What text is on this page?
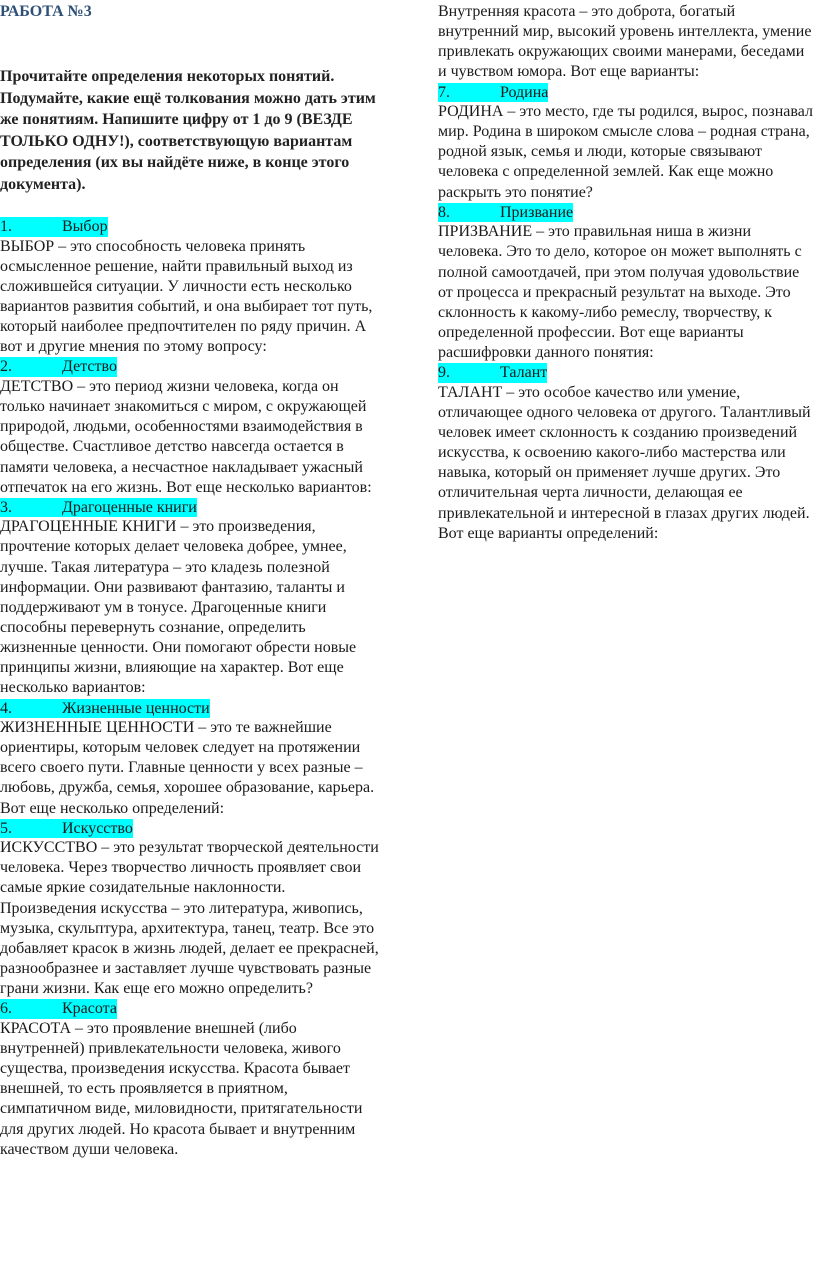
РАБОТА №3

Прочитайте определения некоторых понятий. Подумайте, какие ещё толкования можно дать этим же понятиям. Напишите цифру от 1 до 9 (ВЕЗДЕ ТОЛЬКО ОДНУ!), соответствующую вариантам определения (их вы найдёте ниже, в конце этого документа).

1.	Выбор

ВЫБОР – это способность человека принять осмысленное решение, найти правильный выход из сложившейся ситуации. У личности есть несколько вариантов развития событий, и она выбирает тот путь, который наиболее предпочтителен по ряду причин. А вот и другие мнения по этому вопросу:

2.	Детство

ДЕТСТВО – это период жизни человека, когда он только начинает знакомиться с миром, с окружающей природой, людьми, особенностями взаимодействия в обществе. Счастливое детство навсегда остается в памяти человека, а несчастное накладывает ужасный отпечаток на его жизнь. Вот еще несколько вариантов:

3.	Драгоценные книги

ДРАГОЦЕННЫЕ КНИГИ – это произведения, прочтение которых делает человека добрее, умнее, лучше. Такая литература – это кладезь полезной информации. Они развивают фантазию, таланты и поддерживают ум в тонусе. Драгоценные книги способны перевернуть сознание, определить жизненные ценности. Они помогают обрести новые принципы жизни, влияющие на характер. Вот еще несколько вариантов:

4.	Жизненные ценности

ЖИЗНЕННЫЕ ЦЕННОСТИ – это те важнейшие ориентиры, которым человек следует на протяжении всего своего пути. Главные ценности у всех разные – любовь, дружба, семья, хорошее образование, карьера. Вот еще несколько определений:

5.	Искусство

ИСКУССТВО – это результат творческой деятельности человека. Через творчество личность проявляет свои самые яркие созидательные наклонности. Произведения искусства – это литература, живопись, музыка, скульптура, архитектура, танец, театр. Все это добавляет красок в жизнь людей, делает ее прекрасней, разнообразнее и заставляет лучше чувствовать разные грани жизни. Как еще его можно определить?

6.	Красота

КРАСОТА – это проявление внешней (либо внутренней) привлекательности человека, живого существа, произведения искусства. Красота бывает внешней, то есть проявляется в приятном, симпатичном виде, миловидности, притягательности для других людей. Но красота бывает и внутренним качеством души человека.

Внутренняя красота – это доброта, богатый внутренний мир, высокий уровень интеллекта, умение привлекать окружающих своими манерами, беседами и чувством юмора. Вот еще варианты:

7.	Родина

РОДИНА – это место, где ты родился, вырос, познавал мир. Родина в широком смысле слова – родная страна, родной язык, семья и люди, которые связывают человека с определенной землей. Как еще можно раскрыть это понятие?

8.	Призвание

ПРИЗВАНИЕ – это правильная ниша в жизни человека. Это то дело, которое он может выполнять с полной самоотдачей, при этом получая удовольствие от процесса и прекрасный результат на выходе. Это склонность к какому-либо ремеслу, творчеству, к определенной профессии. Вот еще варианты расшифровки данного понятия:

9.	Талант

ТАЛАНТ – это особое качество или умение, отличающее одного человека от другого. Талантливый человек имеет склонность к созданию произведений искусства, к освоению какого-либо мастерства или навыка, который он применяет лучше других. Это отличительная черта личности, делающая ее привлекательной и интересной в глазах других людей. Вот еще варианты определений:
